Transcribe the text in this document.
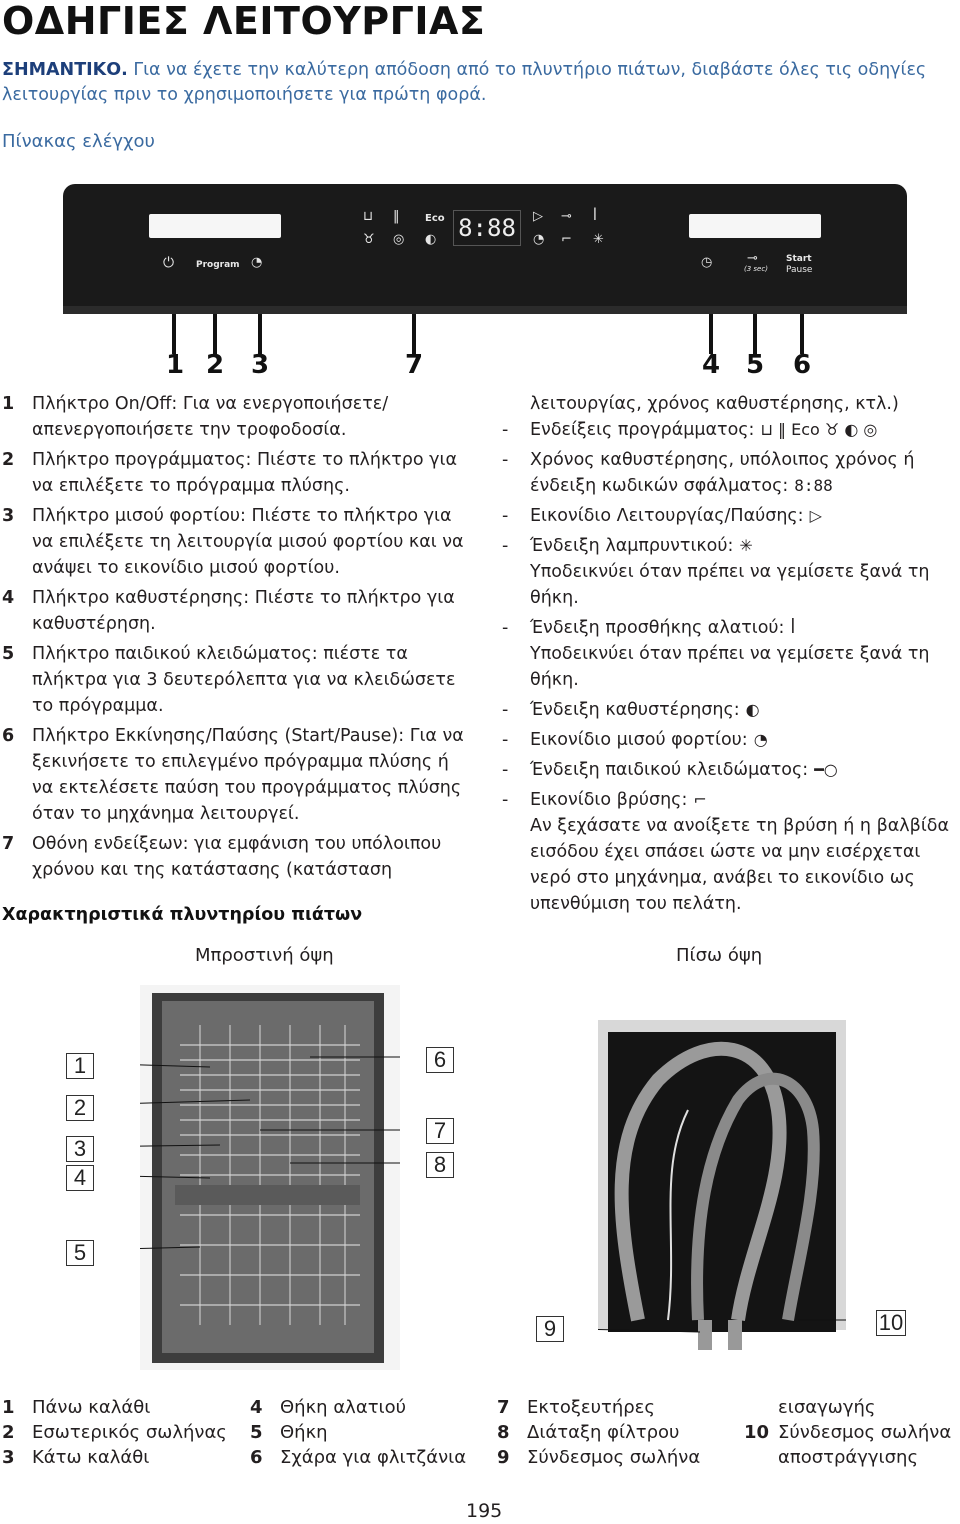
ΟΔΗΓΙΕΣ ΛΕΙΤΟΥΡΓΙΑΣ
ΣΗΜΑΝΤΙΚΟ. Για να έχετε την καλύτερη απόδοση από το πλυντήριο πιάτων, διαβάστε όλες τις οδηγίες λειτουργίας πριν το χρησιμοποιήσετε για πρώτη φορά.
Πίνακας ελέγχου
⏻ Program ◔
⊔ ‖	Eco
♉ ◎ ◐ 8:88	▷ ⊸ ꟾ
◔ ⌐ ✳
◷	⊸
(3 sec)
Start
Pause
1 2 3	7	4 5 6
1 Πλήκτρο On/Off: Για να ενεργοποιήσετε/ απενεργοποιήσετε την τροφοδοσία.
2 Πλήκτρο προγράμματος: Πιέστε το πλήκτρο για να επιλέξετε το πρόγραμμα πλύσης.
3 Πλήκτρο μισού φορτίου: Πιέστε το πλήκτρο για να επιλέξετε τη λειτουργία μισού φορτίου και να ανάψει το εικονίδιο μισού φορτίου.
4 Πλήκτρο καθυστέρησης: Πιέστε το πλήκτρο για καθυστέρηση.
5 Πλήκτρο παιδικού κλειδώματος: πιέστε τα πλήκτρα για 3 δευτερόλεπτα για να κλειδώσετε το πρόγραμμα.
6 Πλήκτρο Εκκίνησης/Παύσης (Start/Pause): Για να ξεκινήσετε το επιλεγμένο πρόγραμμα πλύσης ή να εκτελέσετε παύση του προγράμματος πλύσης όταν το μηχάνημα λειτουργεί.
7 Οθόνη ενδείξεων: για εμφάνιση του υπόλοιπου χρόνου και της κατάστασης (κατάσταση
λειτουργίας, χρόνος καθυστέρησης, κτλ.)
- Ενδείξεις προγράμματος: ⊔ ‖ Eco ♉ ◐ ◎
- Χρόνος καθυστέρησης, υπόλοιπος χρόνος ή ένδειξη κωδικών σφάλματος: 8:88
- Εικονίδιο Λειτουργίας/Παύσης: ▷
- Ένδειξη λαμπρυντικού: ✳
Υποδεικνύει όταν πρέπει να γεμίσετε ξανά τη θήκη.
- Ένδειξη προσθήκης αλατιού: ꟾ
Υποδεικνύει όταν πρέπει να γεμίσετε ξανά τη θήκη.
- Ένδειξη καθυστέρησης: ◐
- Εικονίδιο μισού φορτίου: ◔
- Ένδειξη παιδικού κλειδώματος: ━○
- Εικονίδιο βρύσης: ⌐
Αν ξεχάσατε να ανοίξετε τη βρύση ή η βαλβίδα εισόδου έχει σπάσει ώστε να μην εισέρχεται νερό στο μηχάνημα, ανάβει το εικονίδιο ως υπενθύμιση του πελάτη.
Χαρακτηριστικά πλυντηρίου πιάτων
Μπροστινή όψη	Πίσω όψη
1
2
3
4
5
6
7
8
9	10
1 Πάνω καλάθι
2 Εσωτερικός σωλήνας
3 Κάτω καλάθι
4 Θήκη αλατιού
5 Θήκη
6 Σχάρα για φλιτζάνια
7 Εκτοξευτήρες
8 Διάταξη φίλτρου
9 Σύνδεσμος σωλήνα
εισαγωγής
10 Σύνδεσμος σωλήνα
αποστράγγισης
195
